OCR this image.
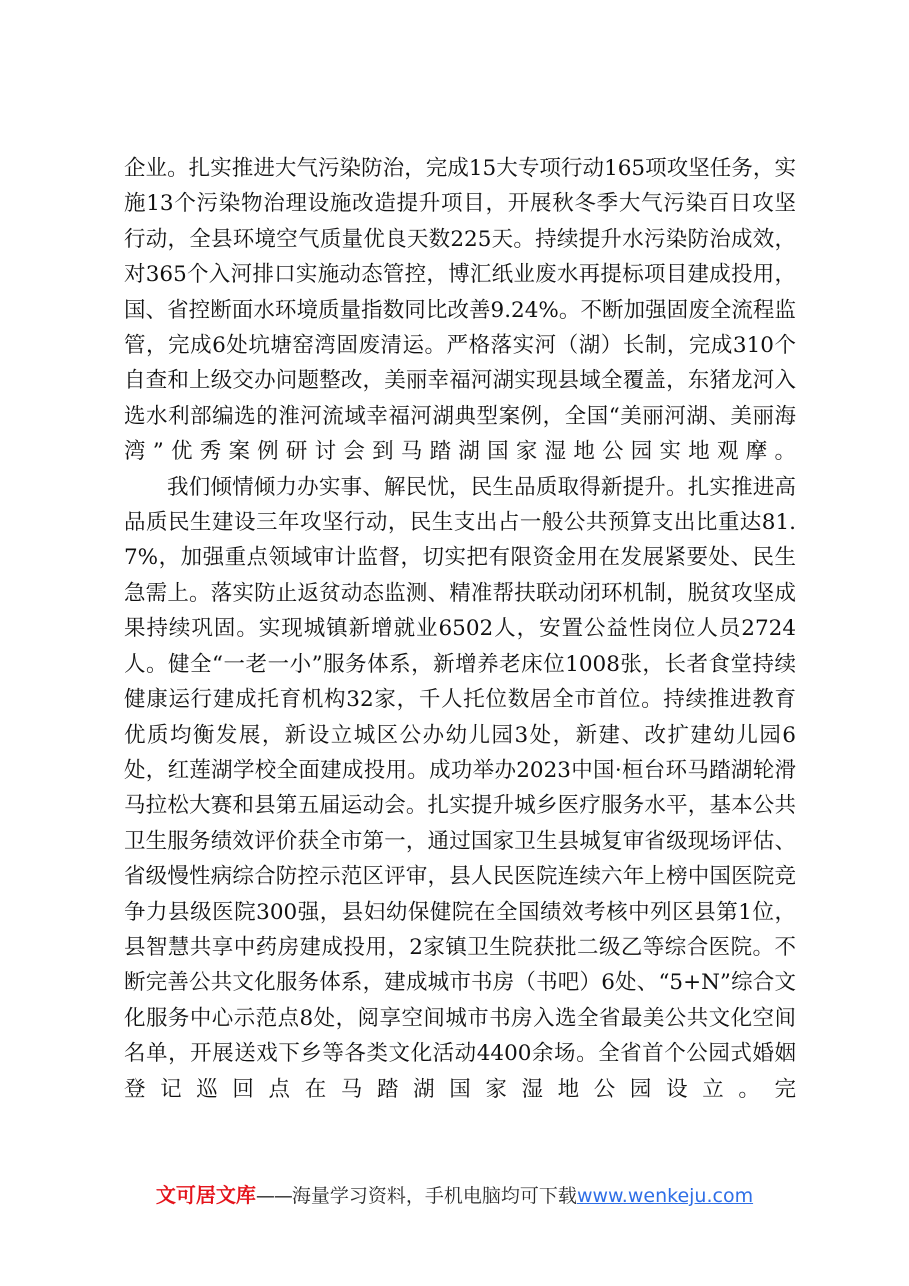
企业。扎实推进大气污染防治，完成15大专项行动165项攻坚任务，实施13个污染物治理设施改造提升项目，开展秋冬季大气污染百日攻坚行动，全县环境空气质量优良天数225天。持续提升水污染防治成效，对365个入河排口实施动态管控，博汇纸业废水再提标项目建成投用，国、省控断面水环境质量指数同比改善9.24%。不断加强固废全流程监管，完成6处坑塘窑湾固废清运。严格落实河（湖）长制，完成310个自查和上级交办问题整改，美丽幸福河湖实现县域全覆盖，东猪龙河入选水利部编选的淮河流域幸福河湖典型案例，全国“美丽河湖、美丽海湾”优秀案例研讨会到马踏湖国家湿地公园实地观摩。

我们倾情倾力办实事、解民忧，民生品质取得新提升。扎实推进高品质民生建设三年攻坚行动，民生支出占一般公共预算支出比重达81.7%，加强重点领域审计监督，切实把有限资金用在发展紧要处、民生急需上。落实防止返贫动态监测、精准帮扶联动闭环机制，脱贫攻坚成果持续巩固。实现城镇新增就业6502人，安置公益性岗位人员2724人。健全“一老一小”服务体系，新增养老床位1008张，长者食堂持续健康运行建成托育机构32家，千人托位数居全市首位。持续推进教育优质均衡发展，新设立城区公办幼儿园3处，新建、改扩建幼儿园6处，红莲湖学校全面建成投用。成功举办2023中国·桓台环马踏湖轮滑马拉松大赛和县第五届运动会。扎实提升城乡医疗服务水平，基本公共卫生服务绩效评价获全市第一，通过国家卫生县城复审省级现场评估、省级慢性病综合防控示范区评审，县人民医院连续六年上榜中国医院竞争力县级医院300强，县妇幼保健院在全国绩效考核中列区县第1位，县智慧共享中药房建成投用，2家镇卫生院获批二级乙等综合医院。不断完善公共文化服务体系，建成城市书房（书吧）6处、“5+N”综合文化服务中心示范点8处，阅享空间城市书房入选全省最美公共文化空间名单，开展送戏下乡等各类文化活动4400余场。全省首个公园式婚姻登记巡回点在马踏湖国家湿地公园设立。完

文可居文库——海量学习资料，手机电脑均可下载www.wenkeju.com
